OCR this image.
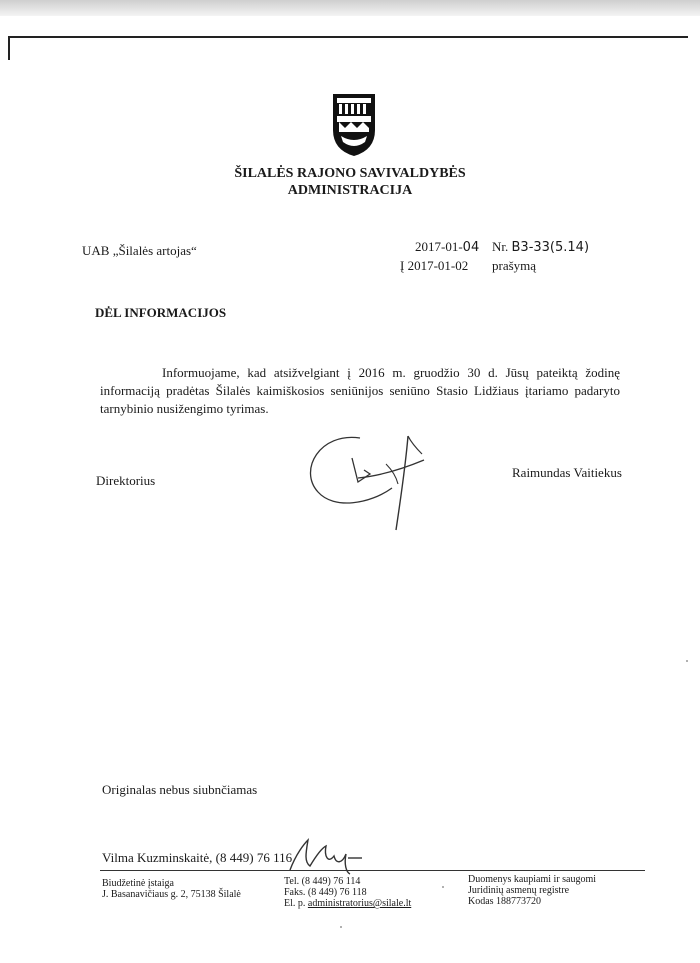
ŠILALĖS RAJONO SAVIVALDYBĖS
ADMINISTRACIJA
UAB „Šilalės artojas“	2017-01-04 Nr. B3-33(5.14)
Į 2017-01-02 prašymą
DĖL INFORMACIJOS
Informuojame, kad atsižvelgiant į 2016 m. gruodžio 30 d. Jūsų pateiktą žodinę informaciją pradėtas Šilalės kaimiškosios seniūnijos seniūno Stasio Lidžiaus įtariamo padaryto tarnybinio nusižengimo tyrimas.
Direktorius
Raimundas Vaitiekus
Originalas nebus siubnčiamas
Vilma Kuzminskaitė, (8 449) 76 116
Biudžetinė įstaiga
J. Basanavičiaus g. 2, 75138 Šilalė
Tel. (8 449) 76 114
Faks. (8 449) 76 118
El. p. administratorius@silale.lt
Duomenys kaupiami ir saugomi
Juridinių asmenų registre
Kodas 188773720
